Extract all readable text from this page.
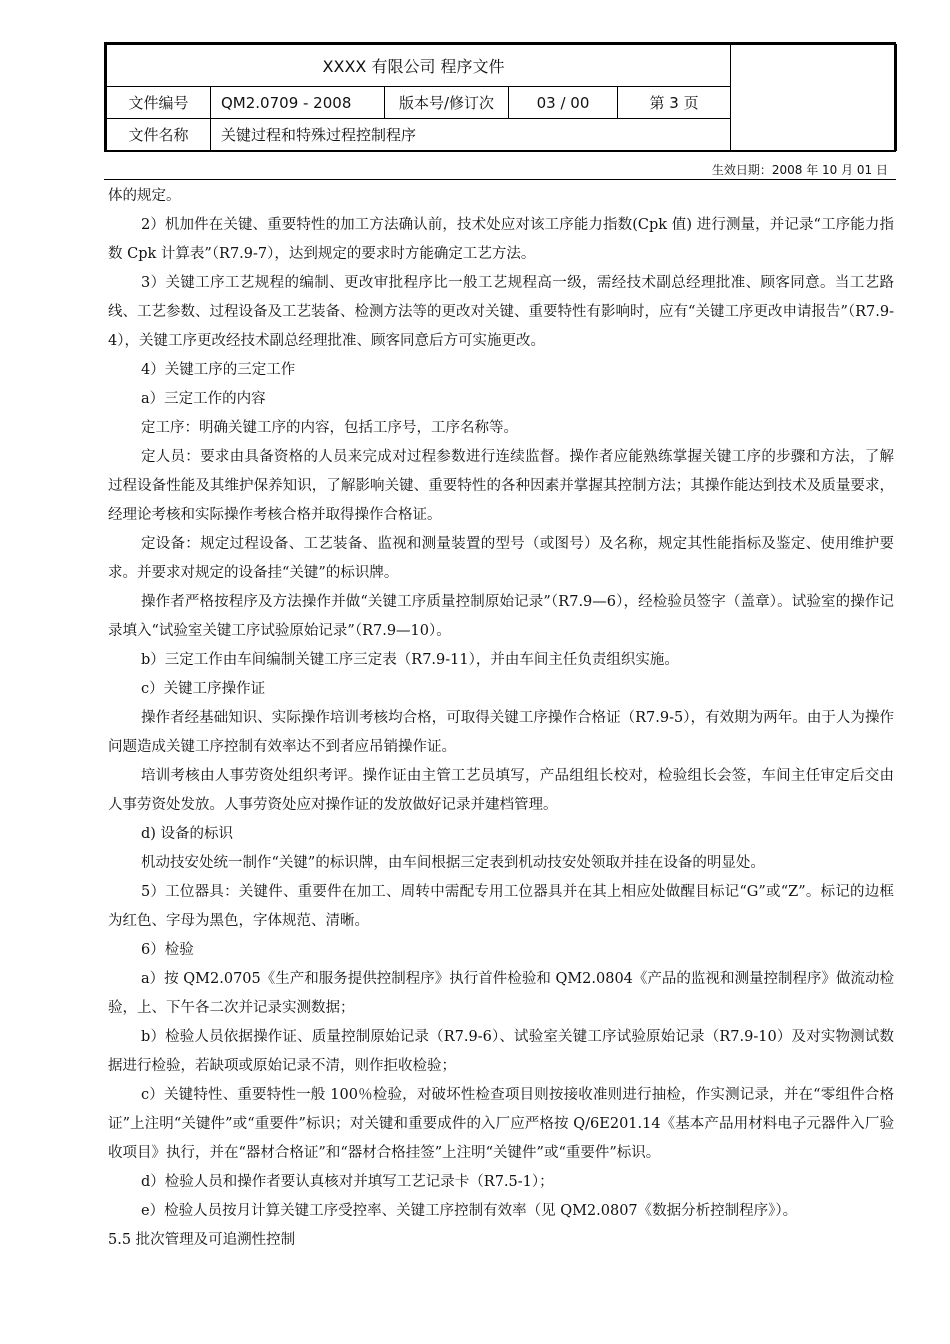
XXXX 有限公司 程序文件					
文件编号	QM2.0709 - 2008	版本号/修订次	03 / 00	第 3 页	
文件名称	关键过程和特殊过程控制程序				
生效日期：2008 年 10 月 01 日

体的规定。

2）机加件在关键、重要特性的加工方法确认前，技术处应对该工序能力指数(Cpk 值) 进行测量，并记录“工序能力指数 Cpk 计算表”（R7.9-7），达到规定的要求时方能确定工艺方法。

3）关键工序工艺规程的编制、更改审批程序比一般工艺规程高一级，需经技术副总经理批准、顾客同意。当工艺路线、工艺参数、过程设备及工艺装备、检测方法等的更改对关键、重要特性有影响时，应有“关键工序更改申请报告”（R7.9-4），关键工序更改经技术副总经理批准、顾客同意后方可实施更改。

4）关键工序的三定工作

a）三定工作的内容

定工序：明确关键工序的内容，包括工序号，工序名称等。

定人员：要求由具备资格的人员来完成对过程参数进行连续监督。操作者应能熟练掌握关键工序的步骤和方法，了解过程设备性能及其维护保养知识，了解影响关键、重要特性的各种因素并掌握其控制方法；其操作能达到技术及质量要求，经理论考核和实际操作考核合格并取得操作合格证。

定设备：规定过程设备、工艺装备、监视和测量装置的型号（或图号）及名称，规定其性能指标及鉴定、使用维护要求。并要求对规定的设备挂“关键”的标识牌。

操作者严格按程序及方法操作并做“关键工序质量控制原始记录”（R7.9—6），经检验员签字（盖章）。试验室的操作记录填入“试验室关键工序试验原始记录”（R7.9—10）。

b）三定工作由车间编制关键工序三定表（R7.9-11），并由车间主任负责组织实施。

c）关键工序操作证

操作者经基础知识、实际操作培训考核均合格，可取得关键工序操作合格证（R7.9-5），有效期为两年。由于人为操作问题造成关键工序控制有效率达不到者应吊销操作证。

培训考核由人事劳资处组织考评。操作证由主管工艺员填写，产品组组长校对，检验组长会签，车间主任审定后交由人事劳资处发放。人事劳资处应对操作证的发放做好记录并建档管理。

d) 设备的标识

机动技安处统一制作“关键”的标识牌，由车间根据三定表到机动技安处领取并挂在设备的明显处。

5）工位器具：关键件、重要件在加工、周转中需配专用工位器具并在其上相应处做醒目标记“G”或“Z”。标记的边框为红色、字母为黑色，字体规范、清晰。

6）检验

a）按 QM2.0705《生产和服务提供控制程序》执行首件检验和 QM2.0804《产品的监视和测量控制程序》做流动检验，上、下午各二次并记录实测数据；

b）检验人员依据操作证、质量控制原始记录（R7.9-6）、试验室关键工序试验原始记录（R7.9-10）及对实物测试数据进行检验，若缺项或原始记录不清，则作拒收检验；

c）关键特性、重要特性一般 100％检验，对破坏性检查项目则按接收准则进行抽检，作实测记录，并在“零组件合格证”上注明“关键件”或“重要件”标识；对关键和重要成件的入厂应严格按 Q/6E201.14《基本产品用材料电子元器件入厂验收项目》执行，并在“器材合格证”和“器材合格挂签”上注明“关键件”或“重要件”标识。

d）检验人员和操作者要认真核对并填写工艺记录卡（R7.5-1）；

e）检验人员按月计算关键工序受控率、关键工序控制有效率（见 QM2.0807《数据分析控制程序》）。

5.5 批次管理及可追溯性控制
